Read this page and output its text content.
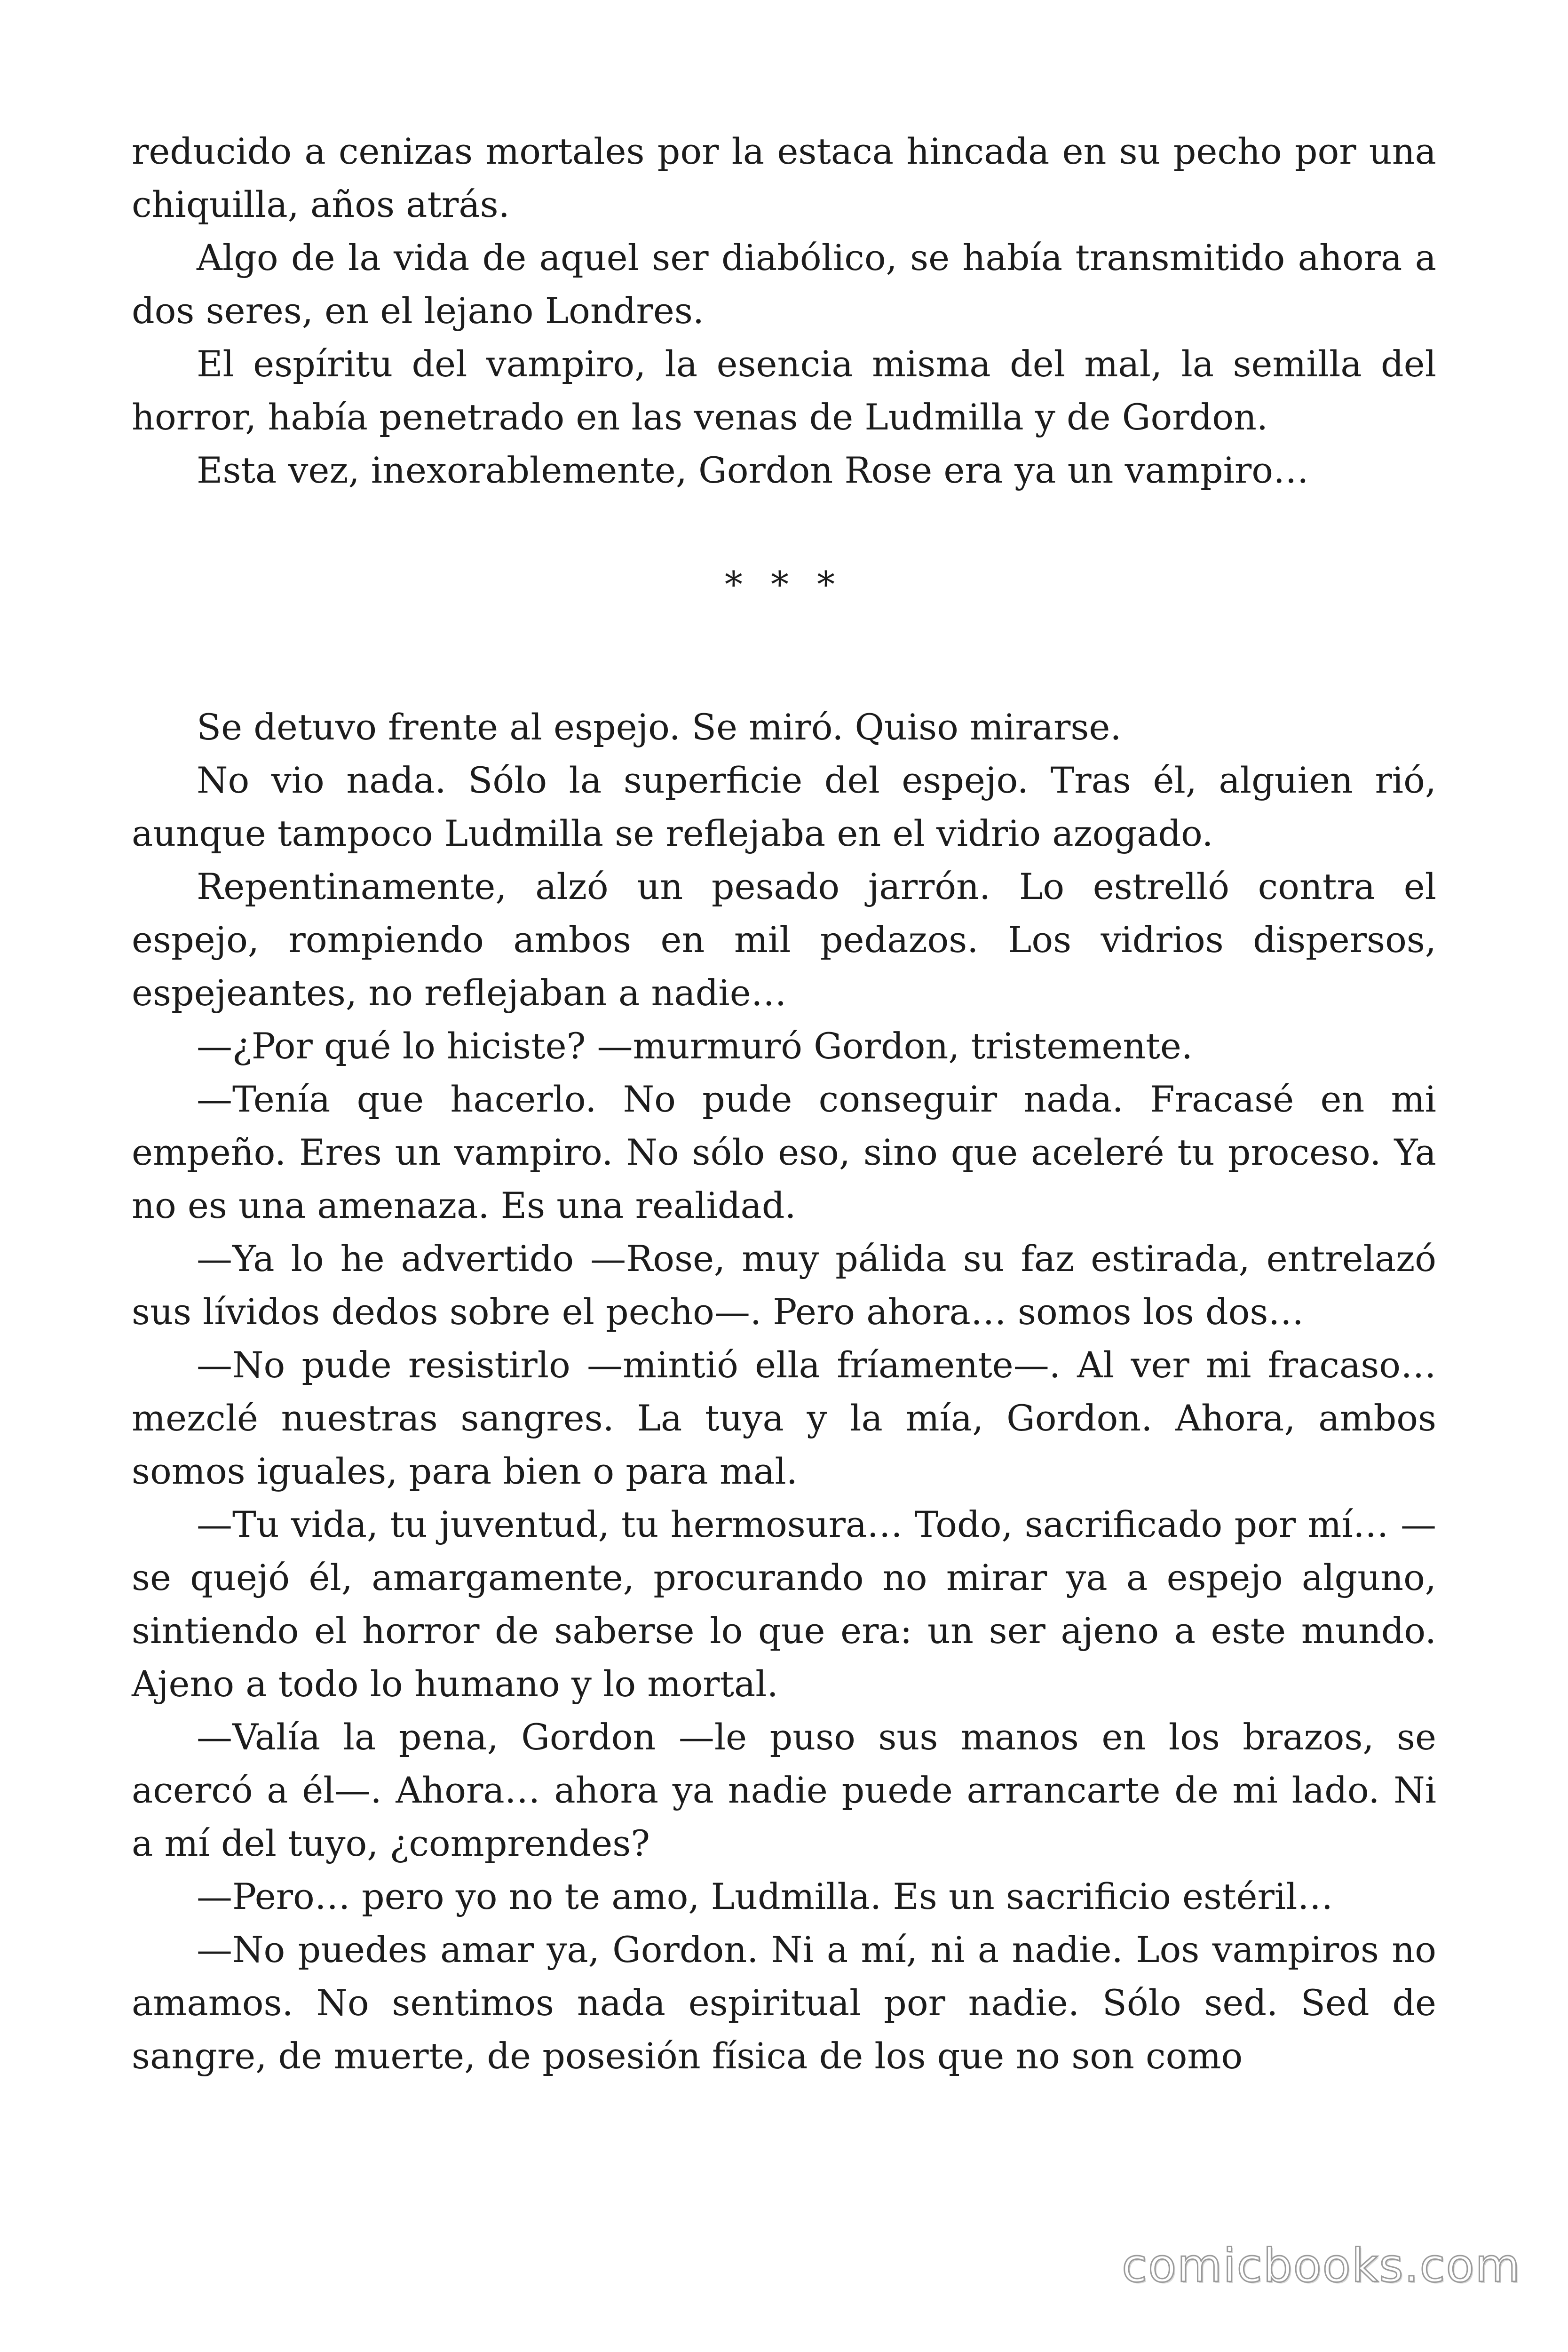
reducido a cenizas mortales por la estaca hincada en su pecho por una chiquilla, años atrás.

Algo de la vida de aquel ser diabólico, se había transmitido ahora a dos seres, en el lejano Londres.

El espíritu del vampiro, la esencia misma del mal, la semilla del horror, había penetrado en las venas de Ludmilla y de Gordon.

Esta vez, inexorablemente, Gordon Rose era ya un vampiro…

* * *

Se detuvo frente al espejo. Se miró. Quiso mirarse.

No vio nada. Sólo la superficie del espejo. Tras él, alguien rió, aunque tampoco Ludmilla se reflejaba en el vidrio azogado.

Repentinamente, alzó un pesado jarrón. Lo estrelló contra el espejo, rompiendo ambos en mil pedazos. Los vidrios dispersos, espejeantes, no reflejaban a nadie…

—¿Por qué lo hiciste? —murmuró Gordon, tristemente.

—Tenía que hacerlo. No pude conseguir nada. Fracasé en mi empeño. Eres un vampiro. No sólo eso, sino que aceleré tu proceso. Ya no es una amenaza. Es una realidad.

—Ya lo he advertido —Rose, muy pálida su faz estirada, entrelazó sus lívidos dedos sobre el pecho—. Pero ahora… somos los dos…

—No pude resistirlo —mintió ella fríamente—. Al ver mi fracaso… mezclé nuestras sangres. La tuya y la mía, Gordon. Ahora, ambos somos iguales, para bien o para mal.

—Tu vida, tu juventud, tu hermosura… Todo, sacrificado por mí… —se quejó él, amargamente, procurando no mirar ya a espejo alguno, sintiendo el horror de saberse lo que era: un ser ajeno a este mundo. Ajeno a todo lo humano y lo mortal.

—Valía la pena, Gordon —le puso sus manos en los brazos, se acercó a él—. Ahora… ahora ya nadie puede arrancarte de mi lado. Ni a mí del tuyo, ¿comprendes?

—Pero… pero yo no te amo, Ludmilla. Es un sacrificio estéril…

—No puedes amar ya, Gordon. Ni a mí, ni a nadie. Los vampiros no amamos. No sentimos nada espiritual por nadie. Sólo sed. Sed de sangre, de muerte, de posesión física de los que no son como

comicbooks.com
